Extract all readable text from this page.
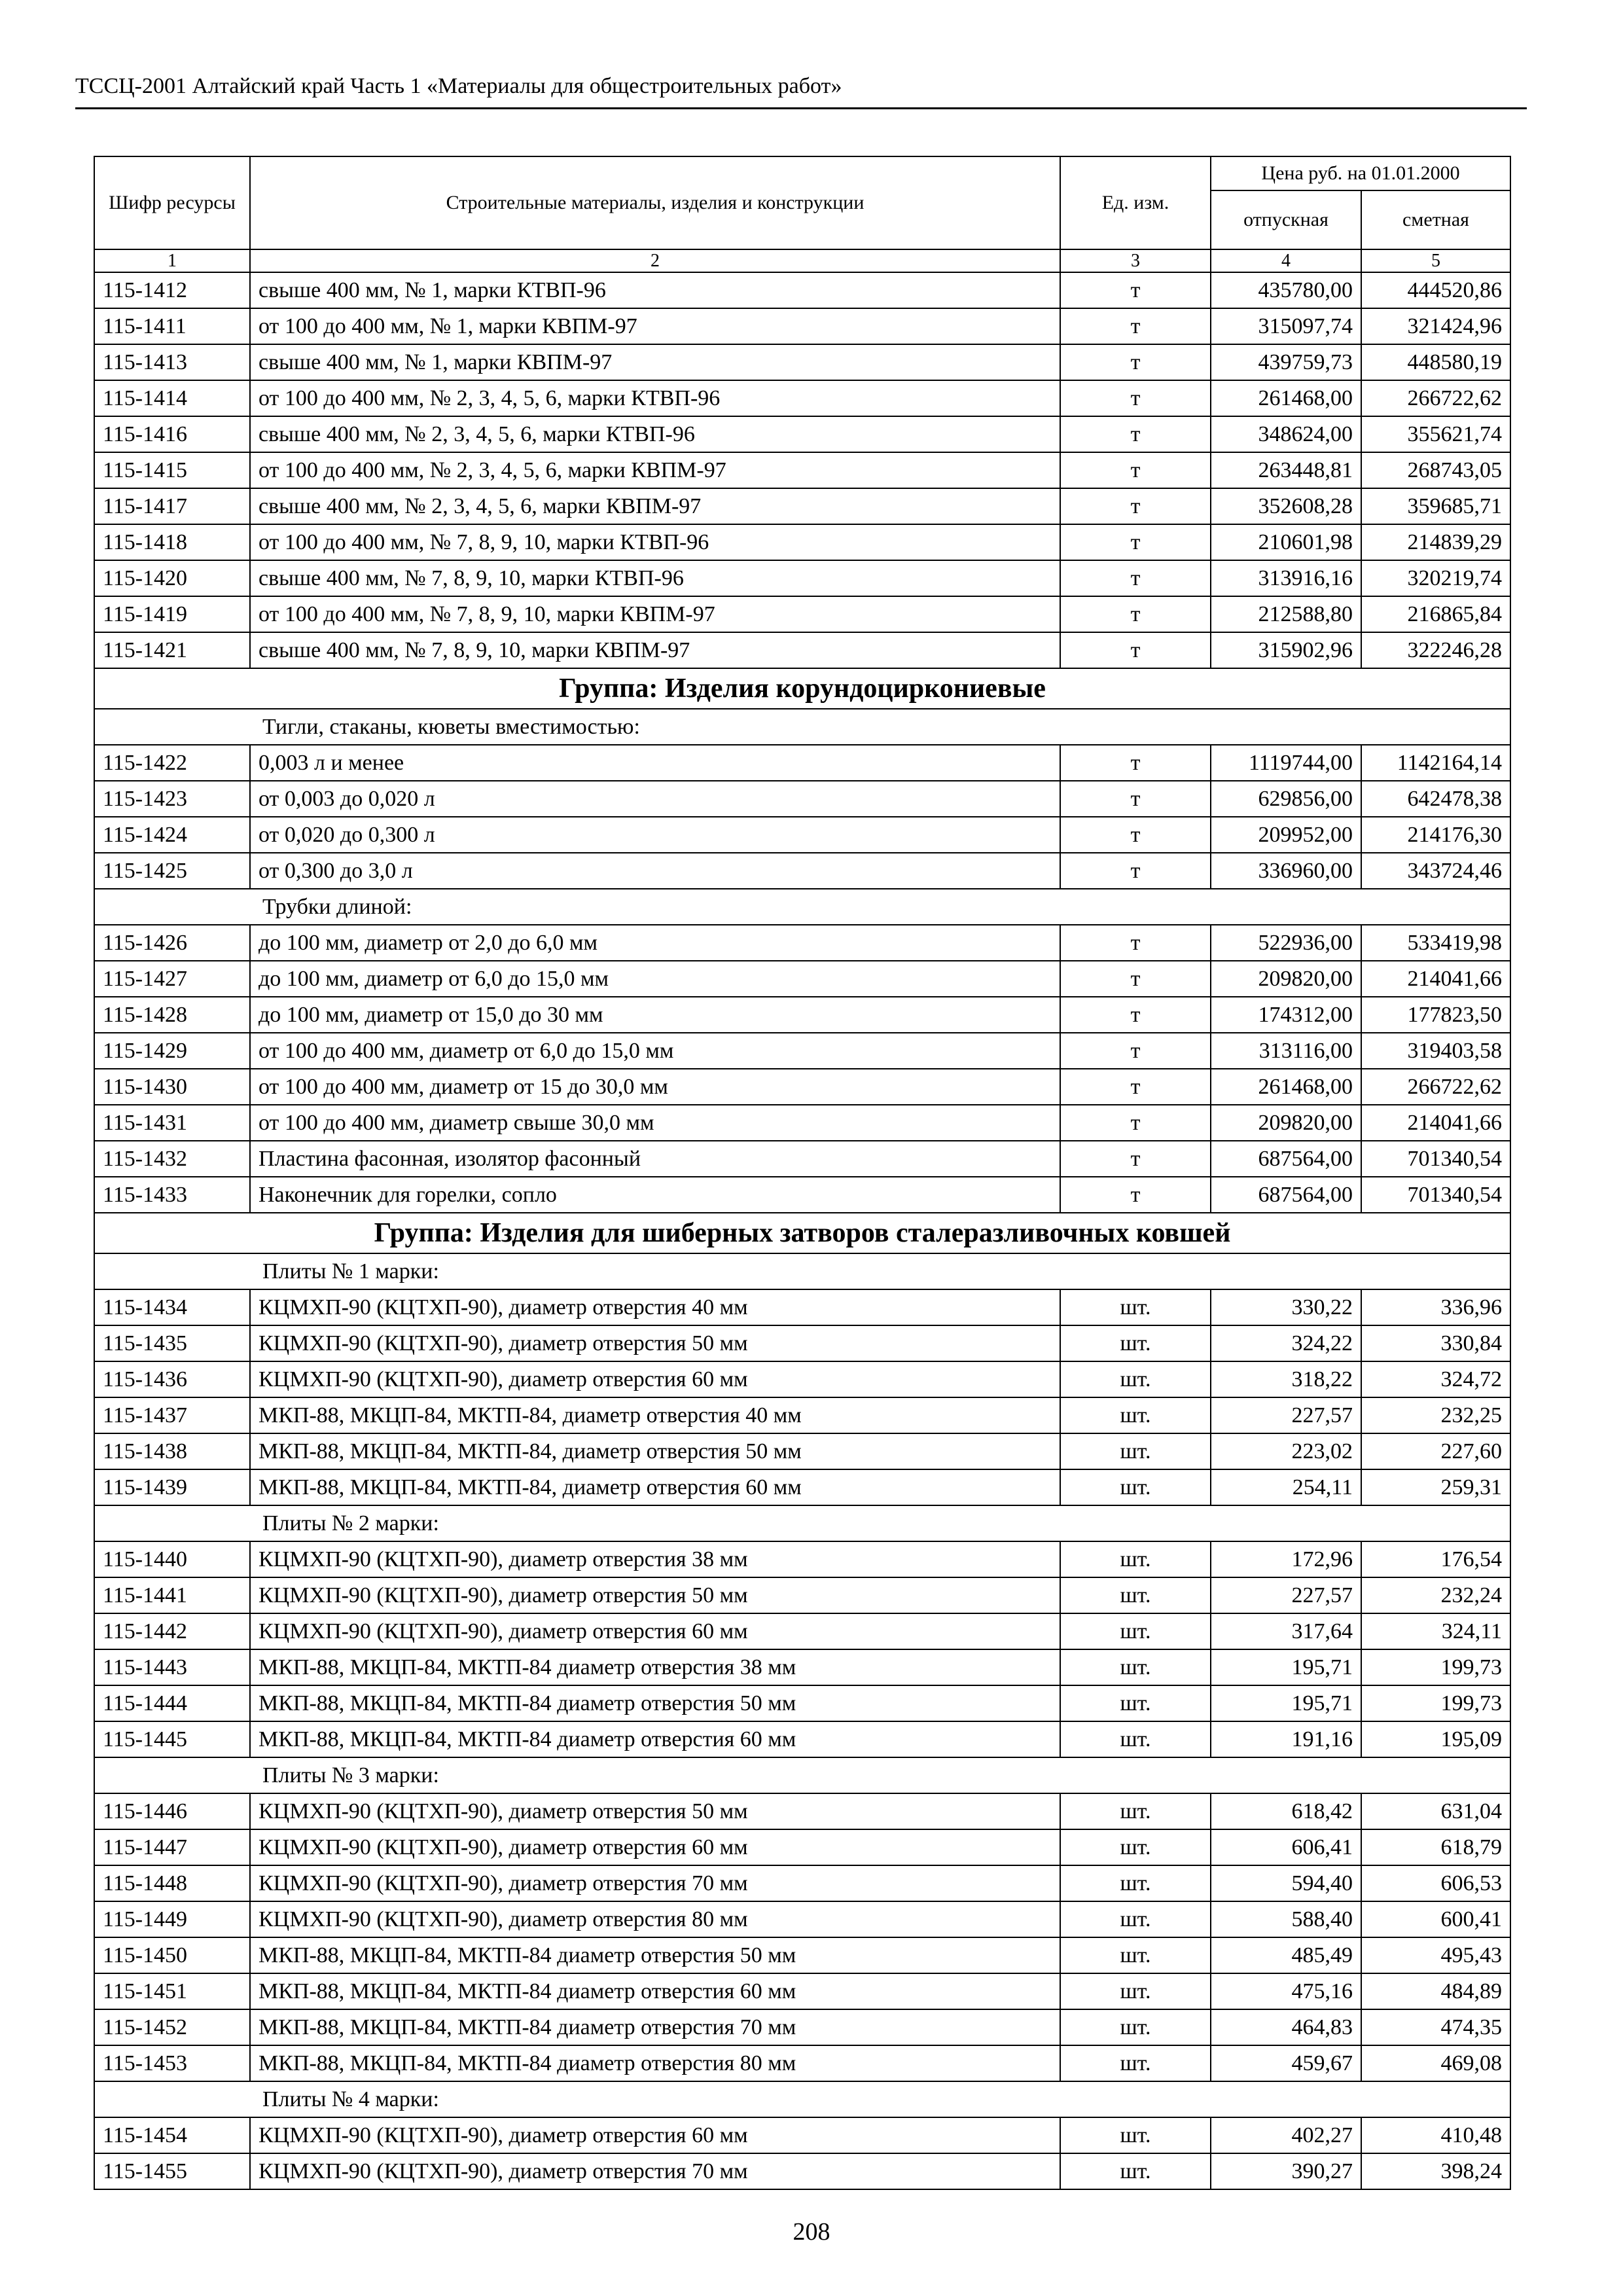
ТССЦ-2001 Алтайский край Часть 1 «Материалы для общестроительных работ»
Шифр ресурсы	Строительные материалы, изделия и конструкции	Ед. изм.	Цена руб. на 01.01.2000	
			отпускная	сметная
1	2	3	4	5
115-1412	свыше 400 мм, № 1, марки КТВП-96	т	435780,00	444520,86
115-1411	от 100 до 400 мм, № 1, марки КВПМ-97	т	315097,74	321424,96
115-1413	свыше 400 мм, № 1, марки КВПМ-97	т	439759,73	448580,19
115-1414	от 100 до 400 мм, № 2, 3, 4, 5, 6, марки КТВП-96	т	261468,00	266722,62
115-1416	свыше 400 мм, № 2, 3, 4, 5, 6, марки КТВП-96	т	348624,00	355621,74
115-1415	от 100 до 400 мм, № 2, 3, 4, 5, 6, марки КВПМ-97	т	263448,81	268743,05
115-1417	свыше 400 мм, № 2, 3, 4, 5, 6, марки КВПМ-97	т	352608,28	359685,71
115-1418	от 100 до 400 мм, № 7, 8, 9, 10, марки КТВП-96	т	210601,98	214839,29
115-1420	свыше 400 мм, № 7, 8, 9, 10, марки КТВП-96	т	313916,16	320219,74
115-1419	от 100 до 400 мм, № 7, 8, 9, 10, марки КВПМ-97	т	212588,80	216865,84
115-1421	свыше 400 мм, № 7, 8, 9, 10, марки КВПМ-97	т	315902,96	322246,28
Группа: Изделия корундоциркониевые				
Тигли, стаканы, кюветы вместимостью:				
115-1422	0,003 л и менее	т	1119744,00	1142164,14
115-1423	от 0,003 до 0,020 л	т	629856,00	642478,38
115-1424	от 0,020 до 0,300 л	т	209952,00	214176,30
115-1425	от 0,300 до 3,0 л	т	336960,00	343724,46
Трубки длиной:				
115-1426	до 100 мм, диаметр от 2,0 до 6,0 мм	т	522936,00	533419,98
115-1427	до 100 мм, диаметр от 6,0 до 15,0 мм	т	209820,00	214041,66
115-1428	до 100 мм, диаметр от 15,0 до 30 мм	т	174312,00	177823,50
115-1429	от 100 до 400 мм, диаметр от 6,0 до 15,0 мм	т	313116,00	319403,58
115-1430	от 100 до 400 мм, диаметр от 15 до 30,0 мм	т	261468,00	266722,62
115-1431	от 100 до 400 мм, диаметр свыше 30,0 мм	т	209820,00	214041,66
115-1432	Пластина фасонная, изолятор фасонный	т	687564,00	701340,54
115-1433	Наконечник для горелки, сопло	т	687564,00	701340,54
Группа: Изделия для шиберных затворов сталеразливочных ковшей				
Плиты № 1 марки:				
115-1434	КЦМХП-90 (КЦТХП-90), диаметр отверстия 40 мм	шт.	330,22	336,96
115-1435	КЦМХП-90 (КЦТХП-90), диаметр отверстия 50 мм	шт.	324,22	330,84
115-1436	КЦМХП-90 (КЦТХП-90), диаметр отверстия 60 мм	шт.	318,22	324,72
115-1437	МКП-88, МКЦП-84, МКТП-84, диаметр отверстия 40 мм	шт.	227,57	232,25
115-1438	МКП-88, МКЦП-84, МКТП-84, диаметр отверстия 50 мм	шт.	223,02	227,60
115-1439	МКП-88, МКЦП-84, МКТП-84, диаметр отверстия 60 мм	шт.	254,11	259,31
Плиты № 2 марки:				
115-1440	КЦМХП-90 (КЦТХП-90), диаметр отверстия 38 мм	шт.	172,96	176,54
115-1441	КЦМХП-90 (КЦТХП-90), диаметр отверстия 50 мм	шт.	227,57	232,24
115-1442	КЦМХП-90 (КЦТХП-90), диаметр отверстия 60 мм	шт.	317,64	324,11
115-1443	МКП-88, МКЦП-84, МКТП-84 диаметр отверстия 38 мм	шт.	195,71	199,73
115-1444	МКП-88, МКЦП-84, МКТП-84 диаметр отверстия 50 мм	шт.	195,71	199,73
115-1445	МКП-88, МКЦП-84, МКТП-84 диаметр отверстия 60 мм	шт.	191,16	195,09
Плиты № 3 марки:				
115-1446	КЦМХП-90 (КЦТХП-90), диаметр отверстия 50 мм	шт.	618,42	631,04
115-1447	КЦМХП-90 (КЦТХП-90), диаметр отверстия 60 мм	шт.	606,41	618,79
115-1448	КЦМХП-90 (КЦТХП-90), диаметр отверстия 70 мм	шт.	594,40	606,53
115-1449	КЦМХП-90 (КЦТХП-90), диаметр отверстия 80 мм	шт.	588,40	600,41
115-1450	МКП-88, МКЦП-84, МКТП-84 диаметр отверстия 50 мм	шт.	485,49	495,43
115-1451	МКП-88, МКЦП-84, МКТП-84 диаметр отверстия 60 мм	шт.	475,16	484,89
115-1452	МКП-88, МКЦП-84, МКТП-84 диаметр отверстия 70 мм	шт.	464,83	474,35
115-1453	МКП-88, МКЦП-84, МКТП-84 диаметр отверстия 80 мм	шт.	459,67	469,08
Плиты № 4 марки:				
115-1454	КЦМХП-90 (КЦТХП-90), диаметр отверстия 60 мм	шт.	402,27	410,48
115-1455	КЦМХП-90 (КЦТХП-90), диаметр отверстия 70 мм	шт.	390,27	398,24
208
